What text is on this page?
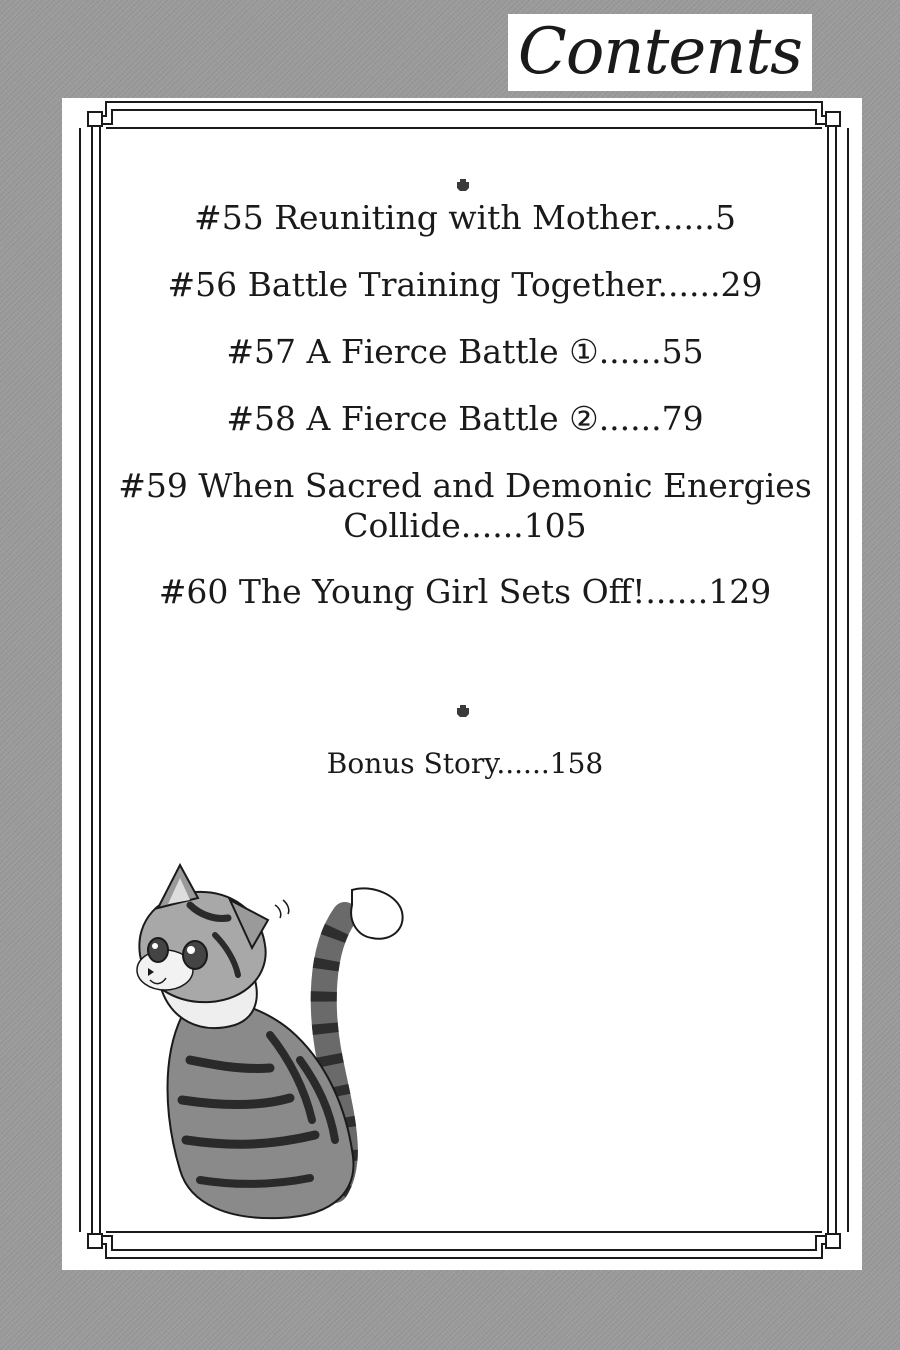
Contents
#55 Reuniting with Mother......5
#56 Battle Training Together......29
#57 A Fierce Battle ①......55
#58 A Fierce Battle ②......79
#59 When Sacred and Demonic Energies
Collide......105
#60 The Young Girl Sets Off!......129
Bonus Story......158
